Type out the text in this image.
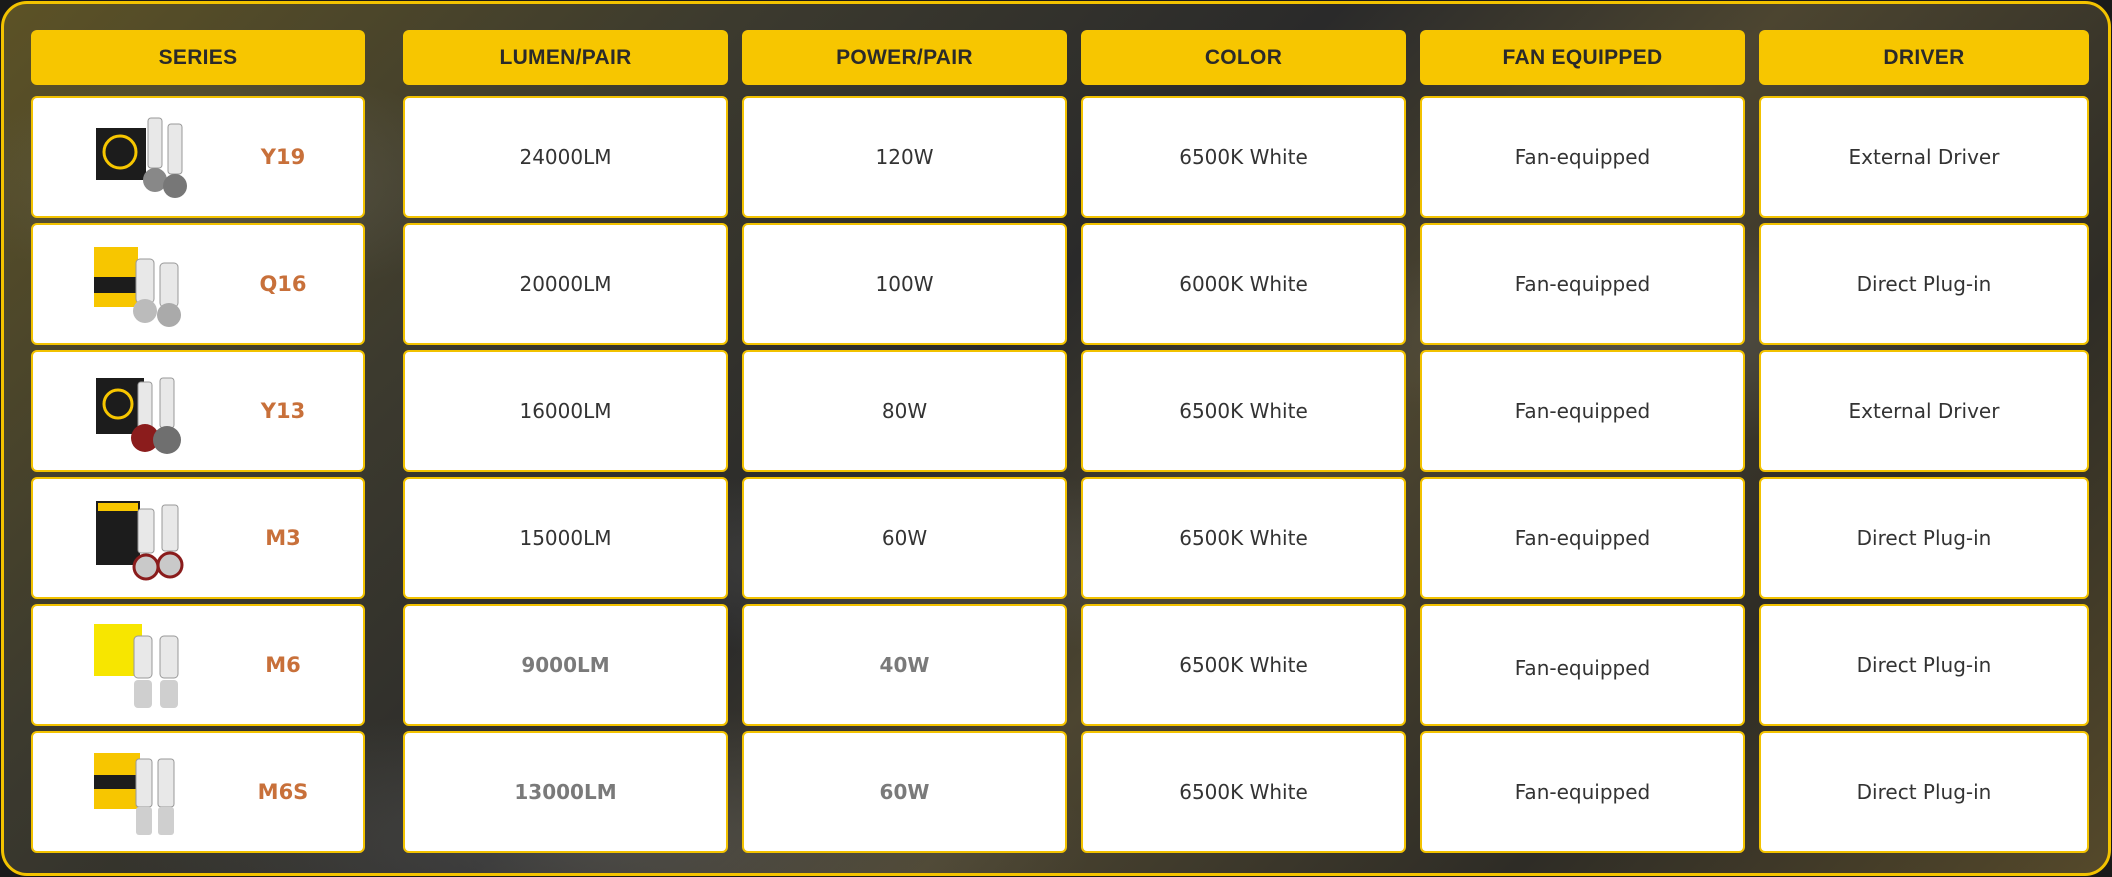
SERIES	LUMEN/PAIR	POWER/PAIR	COLOR	FAN EQUIPPED	DRIVER
Y19	24000LM	120W	6500K White	Fan-equipped	External Driver
Q16	20000LM	100W	6000K White	Fan-equipped	Direct Plug-in
Y13	16000LM	80W	6500K White	Fan-equipped	External Driver
M3	15000LM	60W	6500K White	Fan-equipped	Direct Plug-in
M6	9000LM	40W	6500K White	Fan-equipped	Direct Plug-in
M6S	13000LM	60W	6500K White	Fan-equipped	Direct Plug-in
